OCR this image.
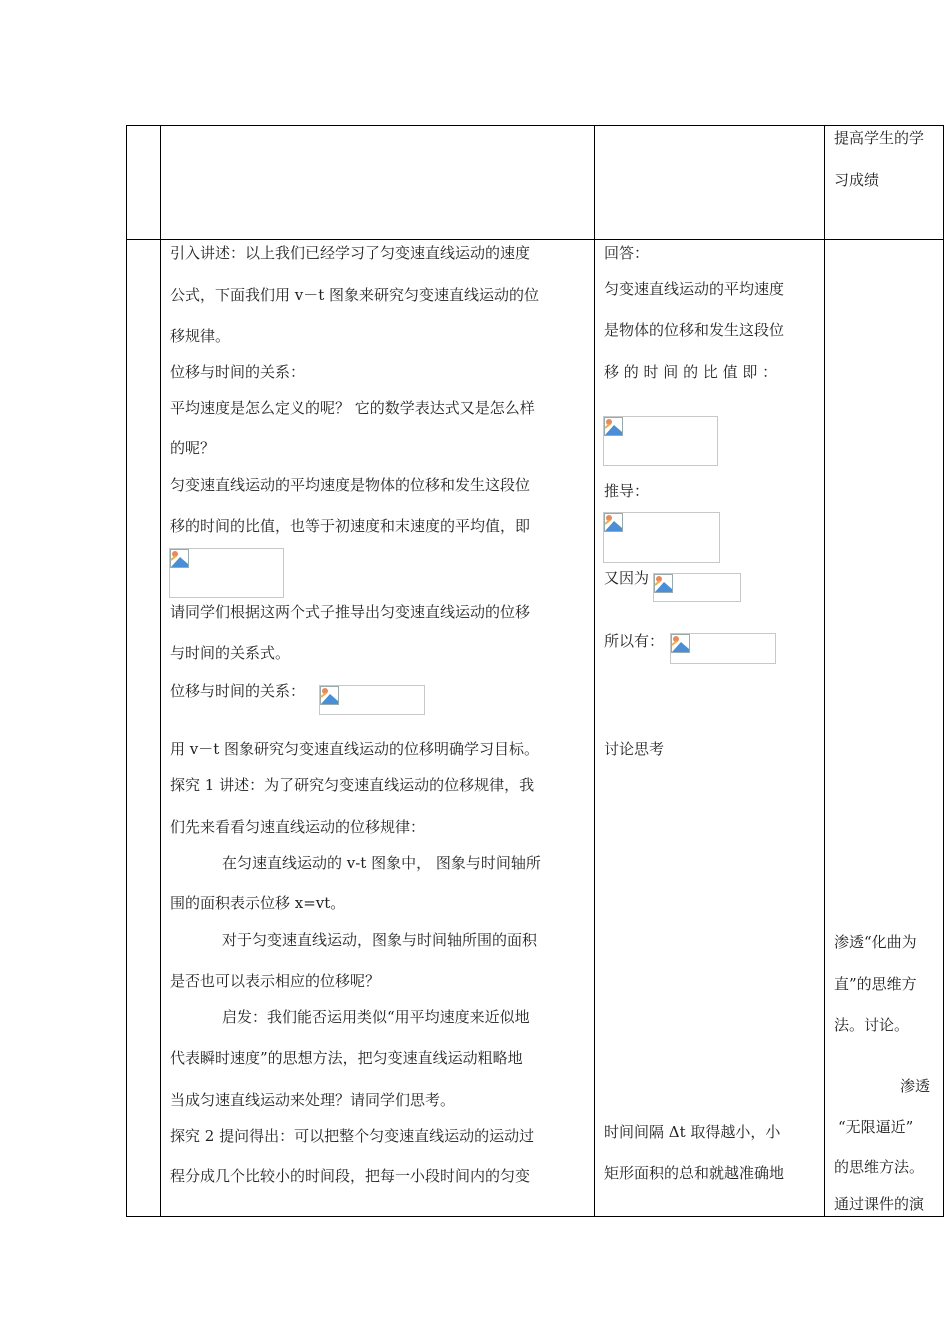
提高学生的学
习成绩
引入讲述：以上我们已经学习了匀变速直线运动的速度
公式，下面我们用 v－t 图象来研究匀变速直线运动的位
移规律。
位移与时间的关系：
平均速度是怎么定义的呢？ 它的数学表达式又是怎么样
的呢？
匀变速直线运动的平均速度是物体的位移和发生这段位
移的时间的比值，也等于初速度和末速度的平均值，即
请同学们根据这两个式子推导出匀变速直线运动的位移
与时间的关系式。
位移与时间的关系：
用 v－t 图象研究匀变速直线运动的位移明确学习目标。
探究 1 讲述：为了研究匀变速直线运动的位移规律，我
们先来看看匀速直线运动的位移规律：
在匀速直线运动的 v-t 图象中， 图象与时间轴所
围的面积表示位移 x=vt。
对于匀变速直线运动，图象与时间轴所围的面积
是否也可以表示相应的位移呢？
启发：我们能否运用类似“用平均速度来近似地
代表瞬时速度”的思想方法，把匀变速直线运动粗略地
当成匀速直线运动来处理？请同学们思考。
探究 2 提问得出：可以把整个匀变速直线运动的运动过
程分成几个比较小的时间段，把每一小段时间内的匀变
回答：
匀变速直线运动的平均速度
是物体的位移和发生这段位
移 的 时 间 的 比 值 即 ：
推导：
又因为
所以有：
讨论思考
时间间隔 Δt 取得越小，小
矩形面积的总和就越准确地
渗透“化曲为
直”的思维方
法。讨论。
渗透
“无限逼近”
的思维方法。
通过课件的演
